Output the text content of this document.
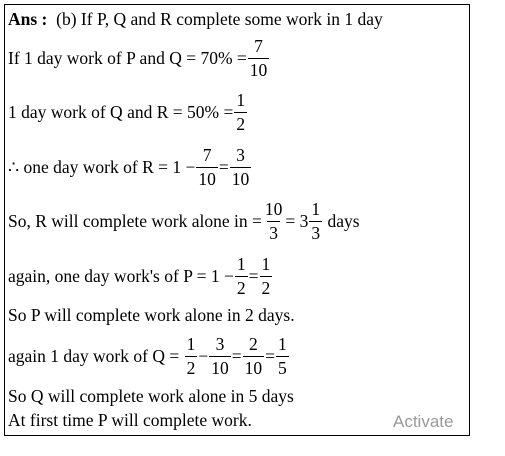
Ans :
(b) If P, Q and R complete some work in 1 day
If 1 day work of P and $Q = 70\% = \frac{7}{10}$
1 day work of Q and $R = 50\% = \frac{1}{2}$
∴ one day work of $R = 1 - \frac{7}{10} = \frac{3}{10}$
So, R will complete work alone in = $\frac{10}{3} = 3 \frac{1}{3}$
days
again, one day work's of $P = 1 - \frac{1}{2} = \frac{1}{2}$
So P will complete work alone in 2 days.
again 1 day work of Q =
$\frac{1}{2} - \frac{3}{10} = \frac{2}{10} = \frac{1}{5}$
So Q will complete work alone in 5 days
At first time P will complete work.	Activate
